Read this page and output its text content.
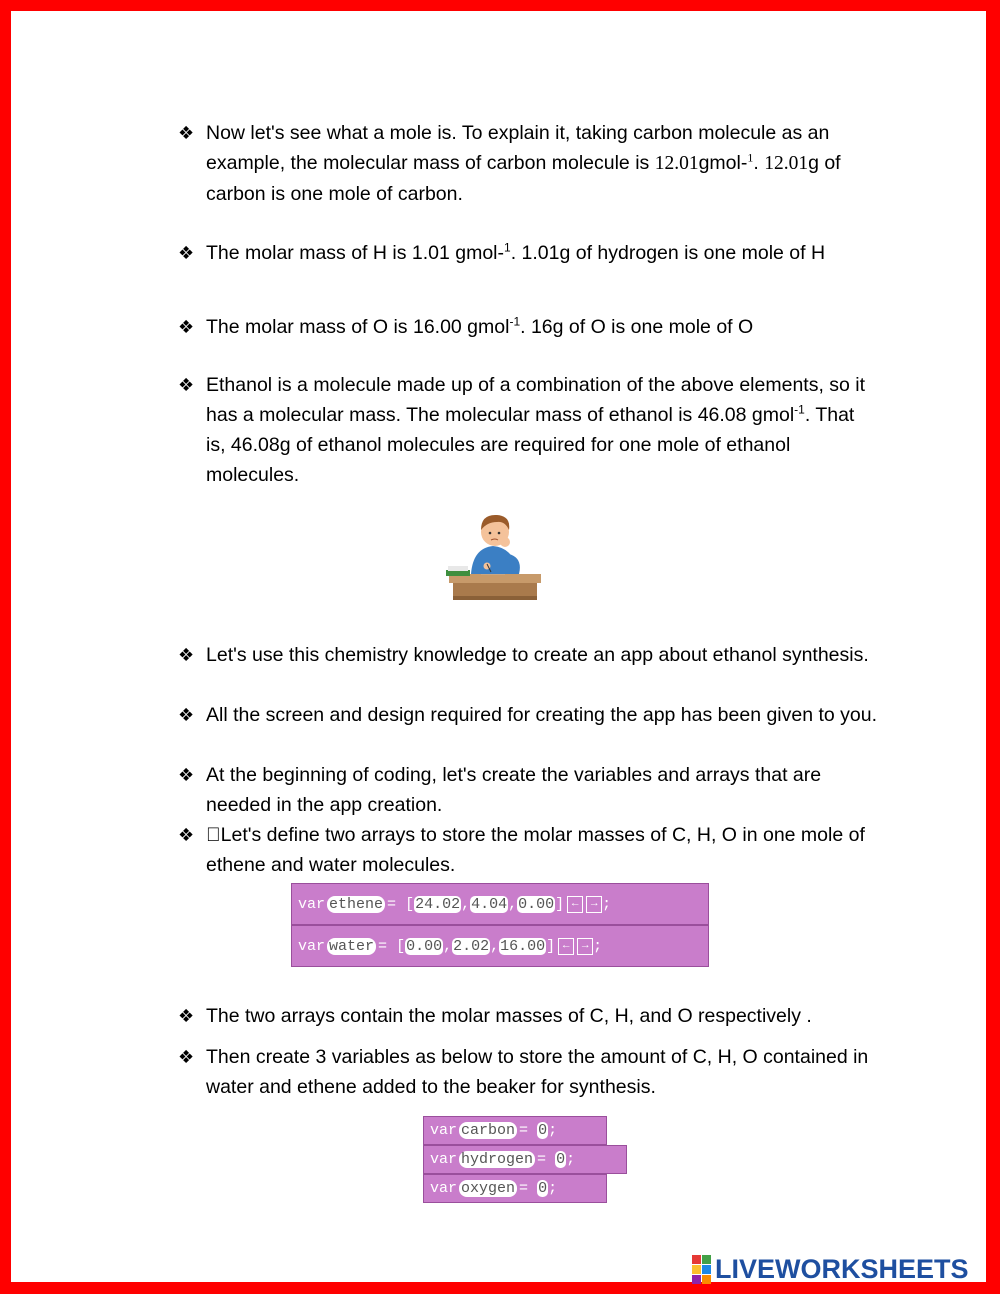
❖ Now let's see what a mole is. To explain it, taking carbon molecule as an example, the molecular mass of carbon molecule is 12.01gmol-$^1$. 12.01g of carbon is one mole of carbon.
❖ The molar mass of H is 1.01 gmol-$^1$. 1.01g of hydrogen is one mole of H
❖ The molar mass of O is 16.00 gmol$^{-1}$. 16g of O is one mole of O
❖ Ethanol is a molecule made up of a combination of the above elements, so it has a molecular mass. The molecular mass of ethanol is 46.08 gmol$^{-1}$. That is, 46.08g of ethanol molecules are required for one mole of ethanol molecules.
❖ Let's use this chemistry knowledge to create an app about ethanol synthesis.
❖ All the screen and design required for creating the app has been given to you.
❖ At the beginning of coding, let's create the variables and arrays that are needed in the app creation.
❖  Let's define two arrays to store the molar masses of C, H, O in one mole of ethene and water molecules.
var ethene =
[ 24.02 , 4.04 , 0.00 ] ←	→ ;
var water =
[ 0.00 , 2.02 , 16.00 ] ←	→ ;
❖ The two arrays contain the molar masses of C, H, and O respectively .
❖ Then create 3 variables as below to store the amount of C, H, O contained in water and ethene added to the beaker for synthesis.
var carbon =
0 ;
var hydrogen =
0 ;
var oxygen =
0 ;
LIVEWORKSHEETS
